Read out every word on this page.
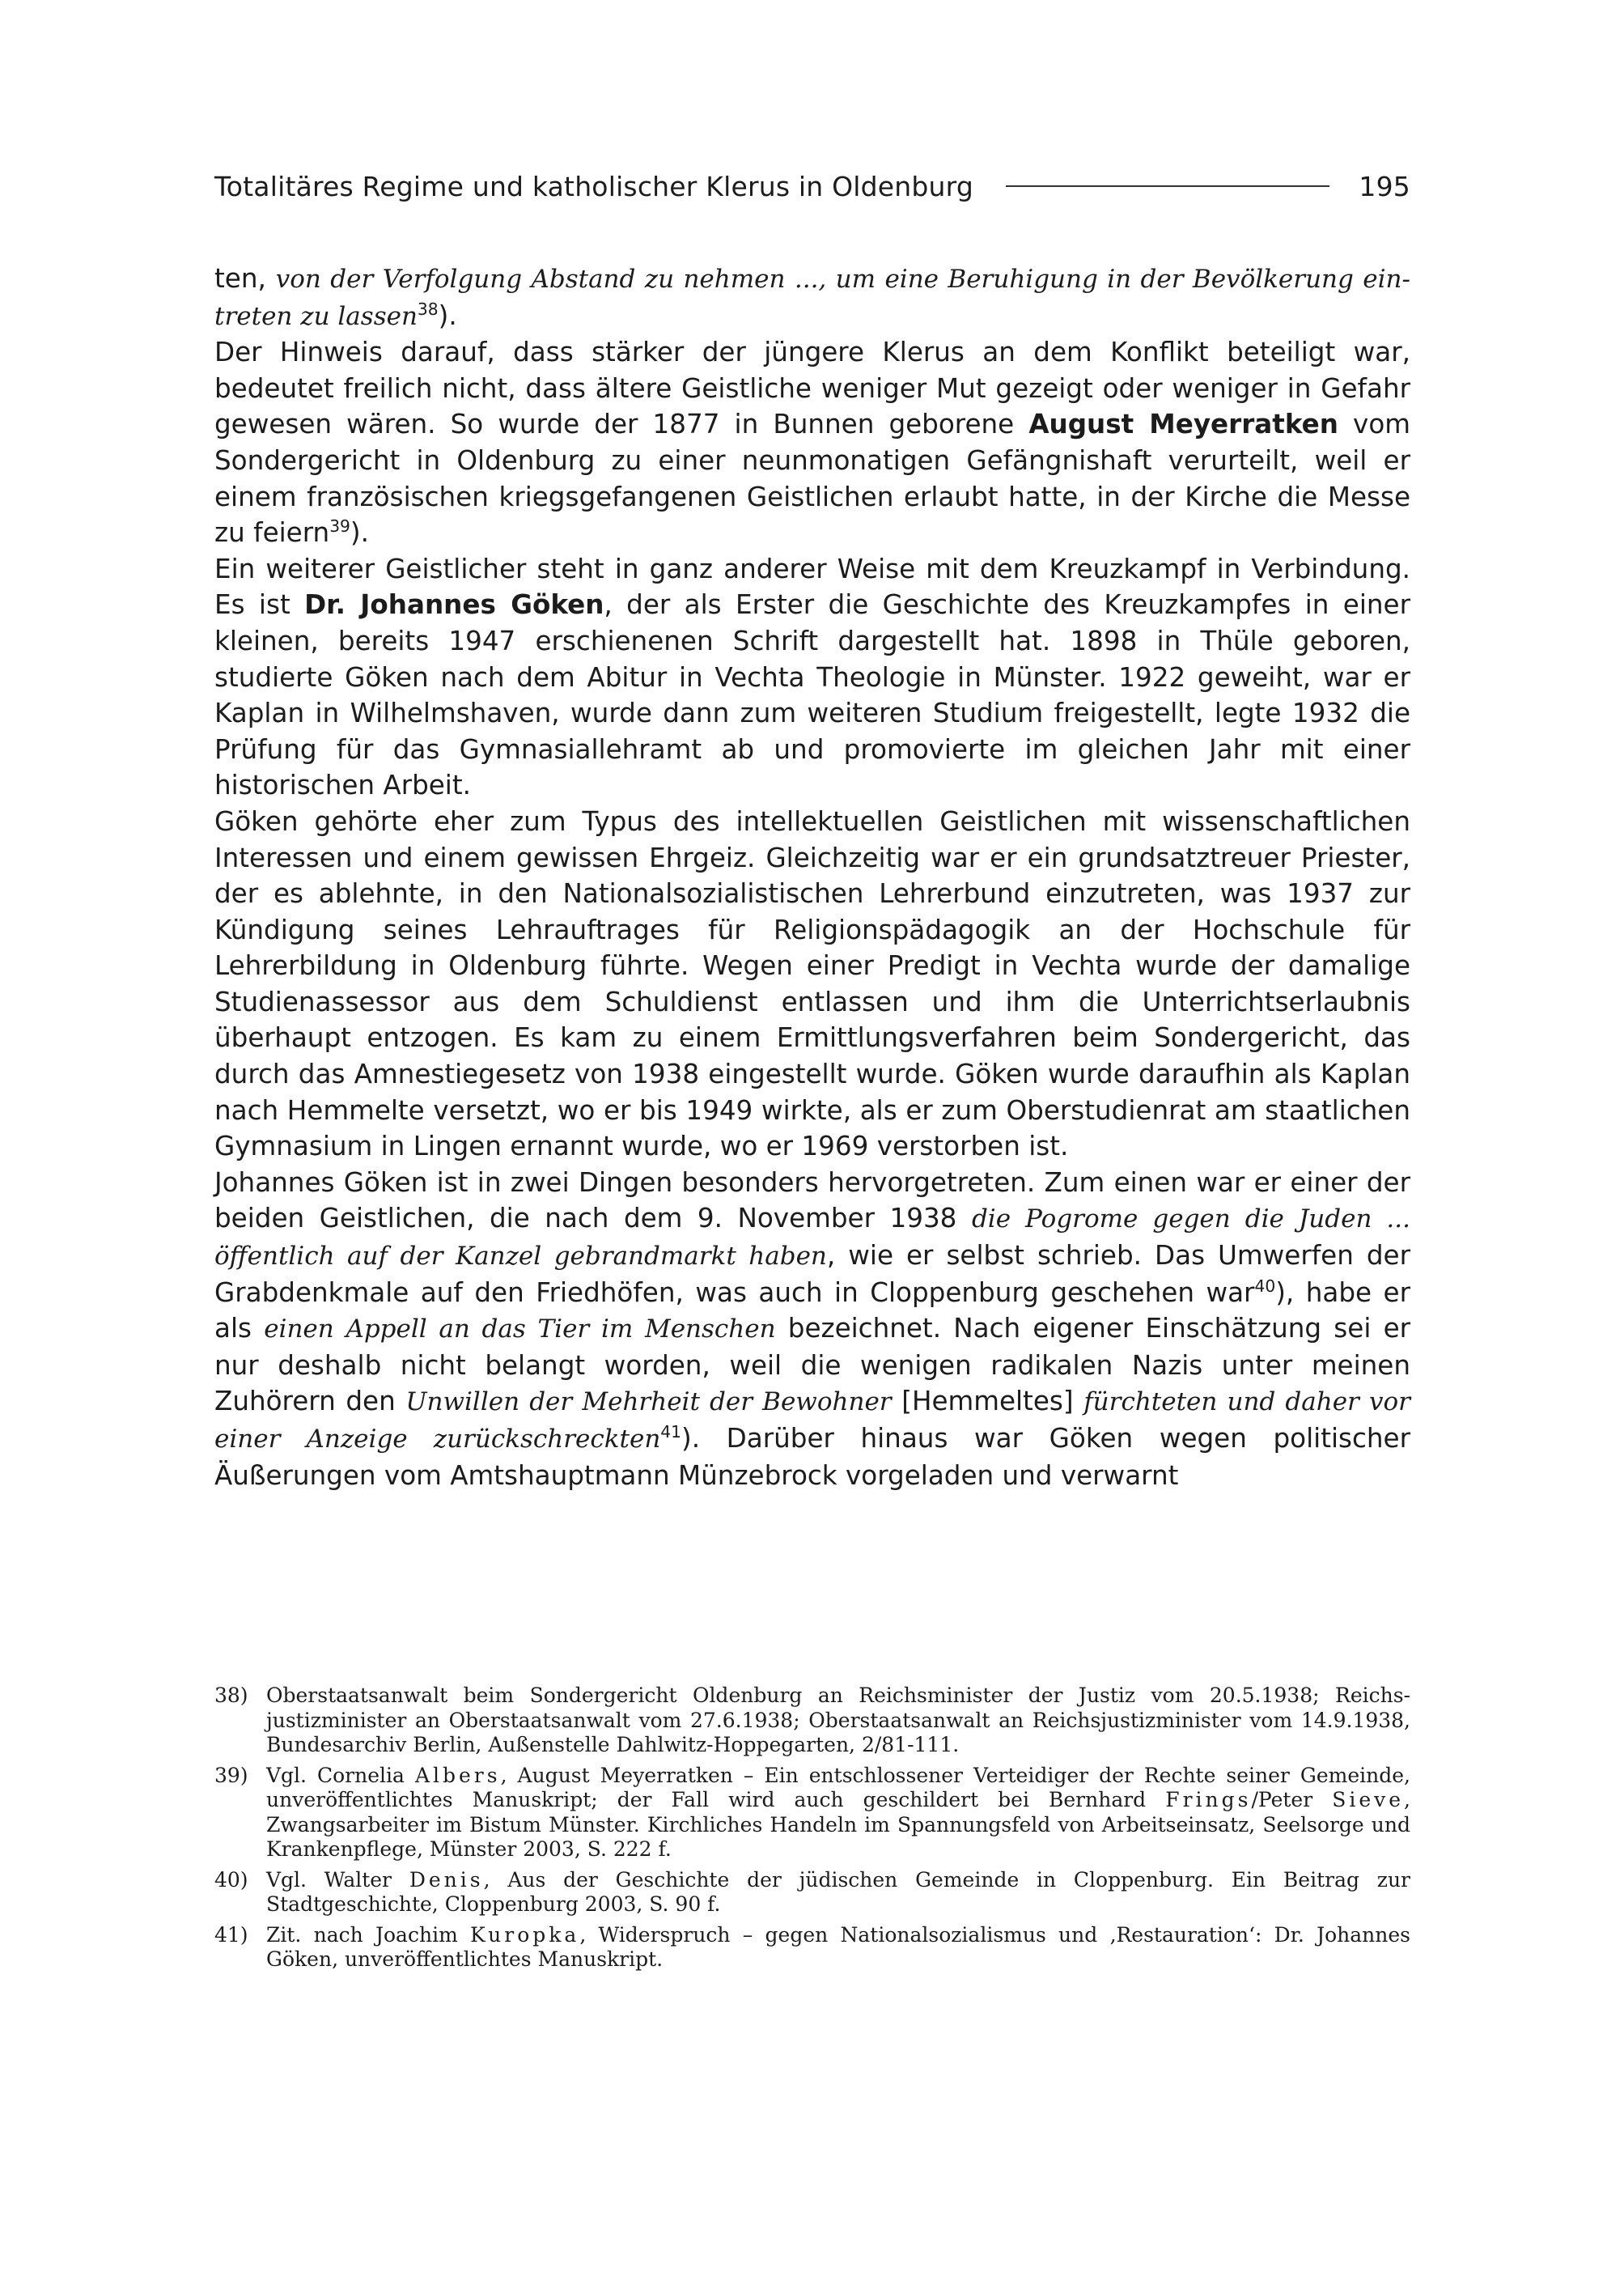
Totalitäres Regime und katholischer Klerus in Oldenburg	195

ten, von der Verfolgung Abstand zu nehmen ..., um eine Beruhigung in der Bevölkerung eintreten zu lassen$^{38}$).

Der Hinweis darauf, dass stärker der jüngere Klerus an dem Konflikt beteiligt war, bedeutet freilich nicht, dass ältere Geistliche weniger Mut gezeigt oder weniger in Gefahr gewesen wären. So wurde der 1877 in Bunnen geborene August Meyerratken vom Sondergericht in Oldenburg zu einer neunmonatigen Gefängnishaft verurteilt, weil er einem französischen kriegsgefangenen Geistlichen erlaubt hatte, in der Kirche die Messe zu feiern$^{39}$).

Ein weiterer Geistlicher steht in ganz anderer Weise mit dem Kreuzkampf in Verbindung. Es ist Dr. Johannes Göken, der als Erster die Geschichte des Kreuzkampfes in einer kleinen, bereits 1947 erschienenen Schrift dargestellt hat. 1898 in Thüle geboren, studierte Göken nach dem Abitur in Vechta Theologie in Münster. 1922 geweiht, war er Kaplan in Wilhelmshaven, wurde dann zum weiteren Studium freigestellt, legte 1932 die Prüfung für das Gymnasiallehramt ab und promovierte im gleichen Jahr mit einer historischen Arbeit.

Göken gehörte eher zum Typus des intellektuellen Geistlichen mit wissenschaftlichen Interessen und einem gewissen Ehrgeiz. Gleichzeitig war er ein grundsatztreuer Priester, der es ablehnte, in den Nationalsozialistischen Lehrerbund einzutreten, was 1937 zur Kündigung seines Lehrauftrages für Religionspädagogik an der Hochschule für Lehrerbildung in Oldenburg führte. Wegen einer Predigt in Vechta wurde der damalige Studienassessor aus dem Schuldienst entlassen und ihm die Unterrichtserlaubnis überhaupt entzogen. Es kam zu einem Ermittlungsverfahren beim Sondergericht, das durch das Amnestiegesetz von 1938 eingestellt wurde. Göken wurde daraufhin als Kaplan nach Hemmelte versetzt, wo er bis 1949 wirkte, als er zum Oberstudienrat am staatlichen Gymnasium in Lingen ernannt wurde, wo er 1969 verstorben ist.

Johannes Göken ist in zwei Dingen besonders hervorgetreten. Zum einen war er einer der beiden Geistlichen, die nach dem 9. November 1938 die Pogrome gegen die Juden ... öffentlich auf der Kanzel gebrandmarkt haben, wie er selbst schrieb. Das Umwerfen der Grabdenkmale auf den Friedhöfen, was auch in Cloppenburg geschehen war$^{40}$), habe er als einen Appell an das Tier im Menschen bezeichnet. Nach eigener Einschätzung sei er nur deshalb nicht belangt worden, weil die wenigen radikalen Nazis unter meinen Zuhörern den Unwillen der Mehrheit der Bewohner [Hemmeltes] fürchteten und daher vor einer Anzeige zurückschreckten$^{41}$). Darüber hinaus war Göken wegen politischer Äußerungen vom Amtshauptmann Münzebrock vorgeladen und verwarnt

38) Oberstaatsanwalt beim Sondergericht Oldenburg an Reichsminister der Justiz vom 20.5.1938; Reichsjustizminister an Oberstaatsanwalt vom 27.6.1938; Oberstaatsanwalt an Reichsjustizminister vom 14.9.1938, Bundesarchiv Berlin, Außenstelle Dahlwitz-Hoppegarten, 2/81-111.
39) Vgl. Cornelia Albers, August Meyerratken – Ein entschlossener Verteidiger der Rechte seiner Gemeinde, unveröffentlichtes Manuskript; der Fall wird auch geschildert bei Bernhard Frings/Peter Sieve, Zwangsarbeiter im Bistum Münster. Kirchliches Handeln im Spannungsfeld von Arbeitseinsatz, Seelsorge und Krankenpflege, Münster 2003, S. 222 f.
40) Vgl. Walter Denis, Aus der Geschichte der jüdischen Gemeinde in Cloppenburg. Ein Beitrag zur Stadtgeschichte, Cloppenburg 2003, S. 90 f.
41) Zit. nach Joachim Kuropka, Widerspruch – gegen Nationalsozialismus und ‚Restauration‘: Dr. Johannes Göken, unveröffentlichtes Manuskript.
